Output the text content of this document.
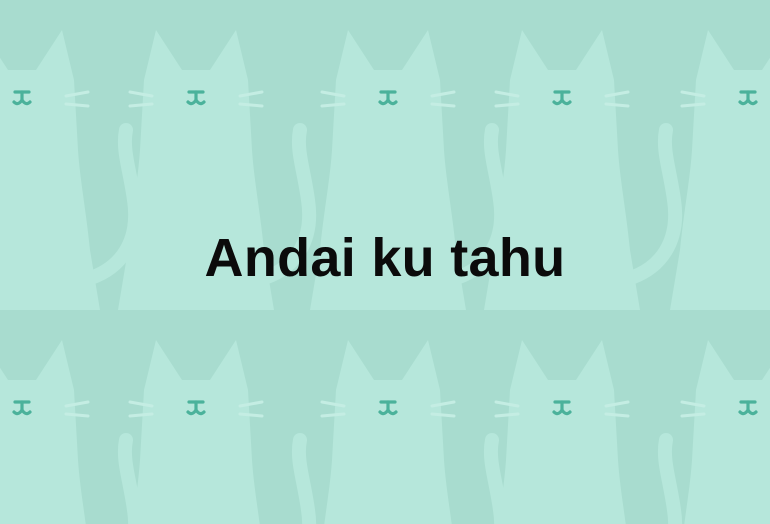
Andai ku tahu
